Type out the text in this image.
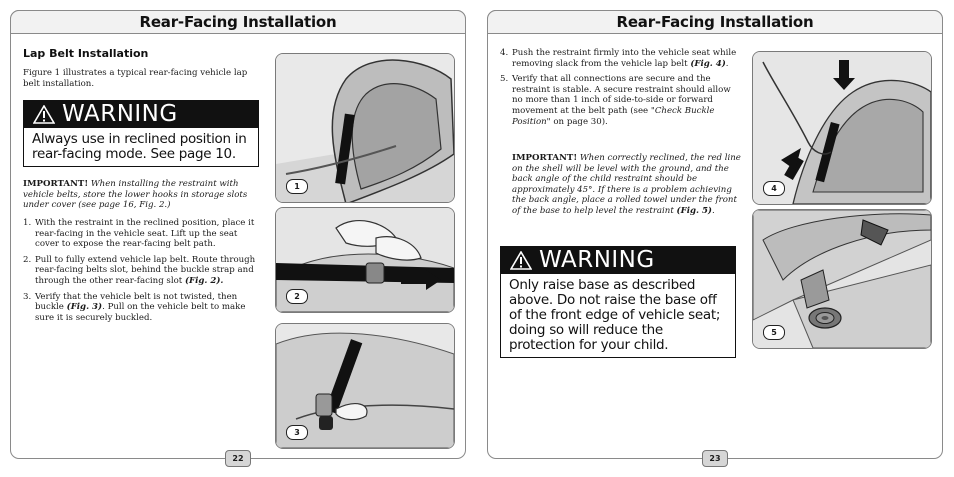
Rear-Facing Installation
Lap Belt Installation

Figure 1 illustrates a typical rear-facing vehicle lap belt installation.

WARNING
Always use in reclined position in rear-facing mode. See page 10.

IMPORTANT! When installing the restraint with vehicle belts, store the lower hooks in storage slots under cover (see page 16, Fig. 2.)

1. With the restraint in the reclined position, place it rear-facing in the vehicle seat. Lift up the seat cover to expose the rear-facing belt path.
2. Pull to fully extend vehicle lap belt. Route through rear-facing belts slot, behind the buckle strap and through the other rear-facing slot (Fig. 2).
3. Verify that the vehicle belt is not twisted, then buckle (Fig. 3). Pull on the vehicle belt to make sure it is securely buckled.
1
2
3
22
Rear-Facing Installation
4. Push the restraint firmly into the vehicle seat while removing slack from the vehicle lap belt (Fig. 4).
5. Verify that all connections are secure and the restraint is stable. A secure restraint should allow no more than 1 inch of side-to-side or forward movement at the belt path (see "Check Buckle Position" on page 30).

IMPORTANT! When correctly reclined, the red line on the shell will be level with the ground, and the back angle of the child restraint should be approximately 45°. If there is a problem achieving the back angle, place a rolled towel under the front of the base to help level the restraint (Fig. 5).

WARNING
Only raise base as described above. Do not raise the base off of the front edge of vehicle seat; doing so will reduce the protection for your child.
4
5
23
